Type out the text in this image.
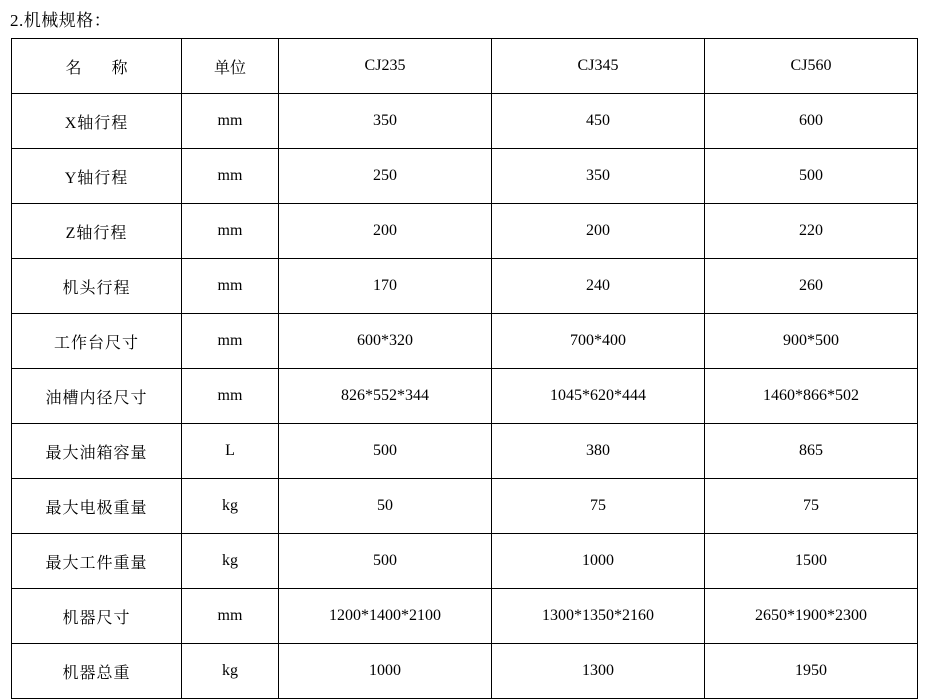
2.机械规格：
名　称	单位	CJ235	CJ345	CJ560
X轴行程	mm	350	450	600
Y轴行程	mm	250	350	500
Z轴行程	mm	200	200	220
机头行程	mm	170	240	260
工作台尺寸	mm	600*320	700*400	900*500
油槽内径尺寸	mm	826*552*344	1045*620*444	1460*866*502
最大油箱容量	L	500	380	865
最大电极重量	kg	50	75	75
最大工件重量	kg	500	1000	1500
机器尺寸	mm	1200*1400*2100	1300*1350*2160	2650*1900*2300
机器总重	kg	1000	1300	1950
